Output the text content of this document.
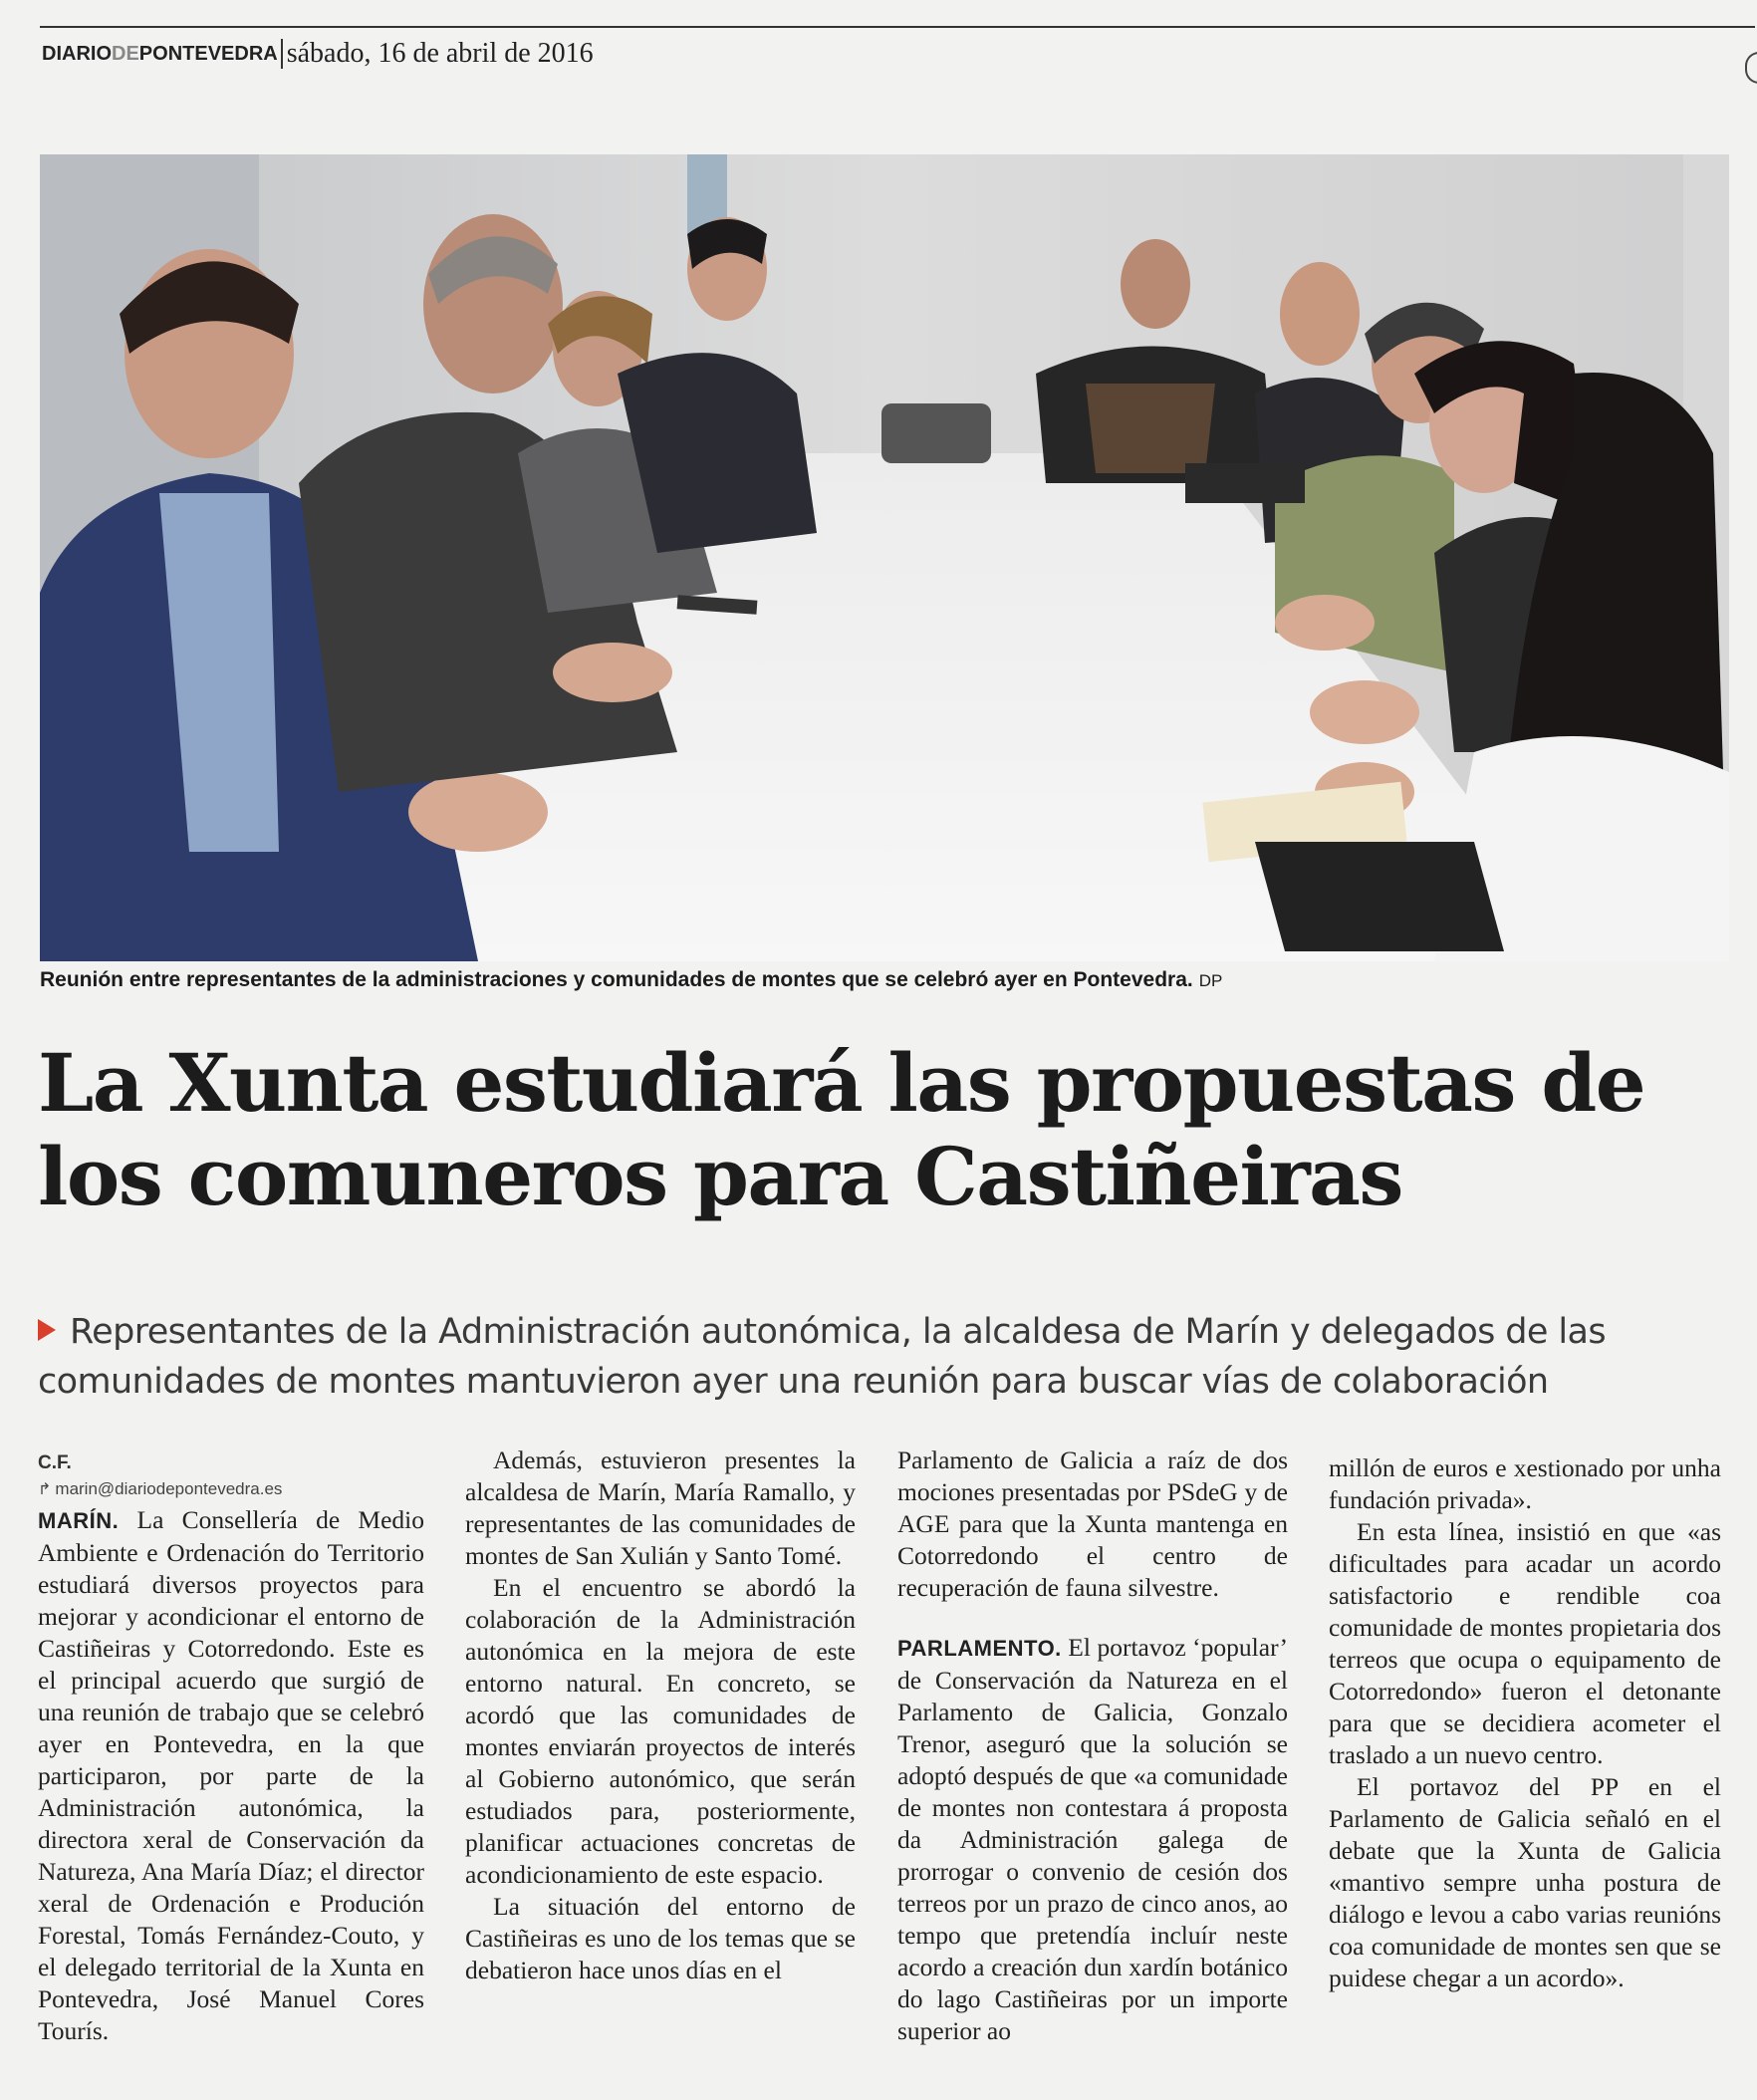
DIARIODEPONTEVEDRA sábado, 16 de abril de 2016
Reunión entre representantes de la administraciones y comunidades de montes que se celebró ayer en Pontevedra. DP
La Xunta estudiará las propuestas de
los comuneros para Castiñeiras
Representantes de la Administración autonómica, la alcaldesa de Marín y delegados de las comunidades de montes mantuvieron ayer una reunión para buscar vías de colaboración
C.F.
↱ marin@diariodepontevedra.es

MARÍN. La Consellería de Medio Ambiente e Ordenación do Territorio estudiará diversos proyectos para mejorar y acondicionar el entorno de Castiñeiras y Cotorredondo. Este es el principal acuerdo que surgió de una reunión de trabajo que se celebró ayer en Pontevedra, en la que participaron, por parte de la Administración autonómica, la directora xeral de Conservación da Natureza, Ana María Díaz; el director xeral de Ordenación e Produción Forestal, Tomás Fernández-Couto, y el delegado territorial de la Xunta en Pontevedra, José Manuel Cores Tourís.

Además, estuvieron presentes la alcaldesa de Marín, María Ramallo, y representantes de las comunidades de montes de San Xulián y Santo Tomé.

En el encuentro se abordó la colaboración de la Administración autonómica en la mejora de este entorno natural. En concreto, se acordó que las comunidades de montes enviarán proyectos de interés al Gobierno autonómico, que serán estudiados para, posteriormente, planificar actuaciones concretas de acondicionamiento de este espacio.

La situación del entorno de Castiñeiras es uno de los temas que se debatieron hace unos días en el

Parlamento de Galicia a raíz de dos mociones presentadas por PSdeG y de AGE para que la Xunta mantenga en Cotorredondo el centro de recuperación de fauna silvestre.

PARLAMENTO. El portavoz ‘popular’ de Conservación da Natureza en el Parlamento de Galicia, Gonzalo Trenor, aseguró que la solución se adoptó después de que «a comunidade de montes non contestara á proposta da Administración galega de prorrogar o convenio de cesión dos terreos por un prazo de cinco anos, ao tempo que pretendía incluír neste acordo a creación dun xardín botánico do lago Castiñeiras por un importe superior ao

millón de euros e xestionado por unha fundación privada».

En esta línea, insistió en que «as dificultades para acadar un acordo satisfactorio e rendible coa comunidade de montes propietaria dos terreos que ocupa o equipamento de Cotorredondo» fueron el detonante para que se decidiera acometer el traslado a un nuevo centro.

El portavoz del PP en el Parlamento de Galicia señaló en el debate que la Xunta de Galicia «mantivo sempre unha postura de diálogo e levou a cabo varias reunións coa comunidade de montes sen que se puidese chegar a un acordo».
